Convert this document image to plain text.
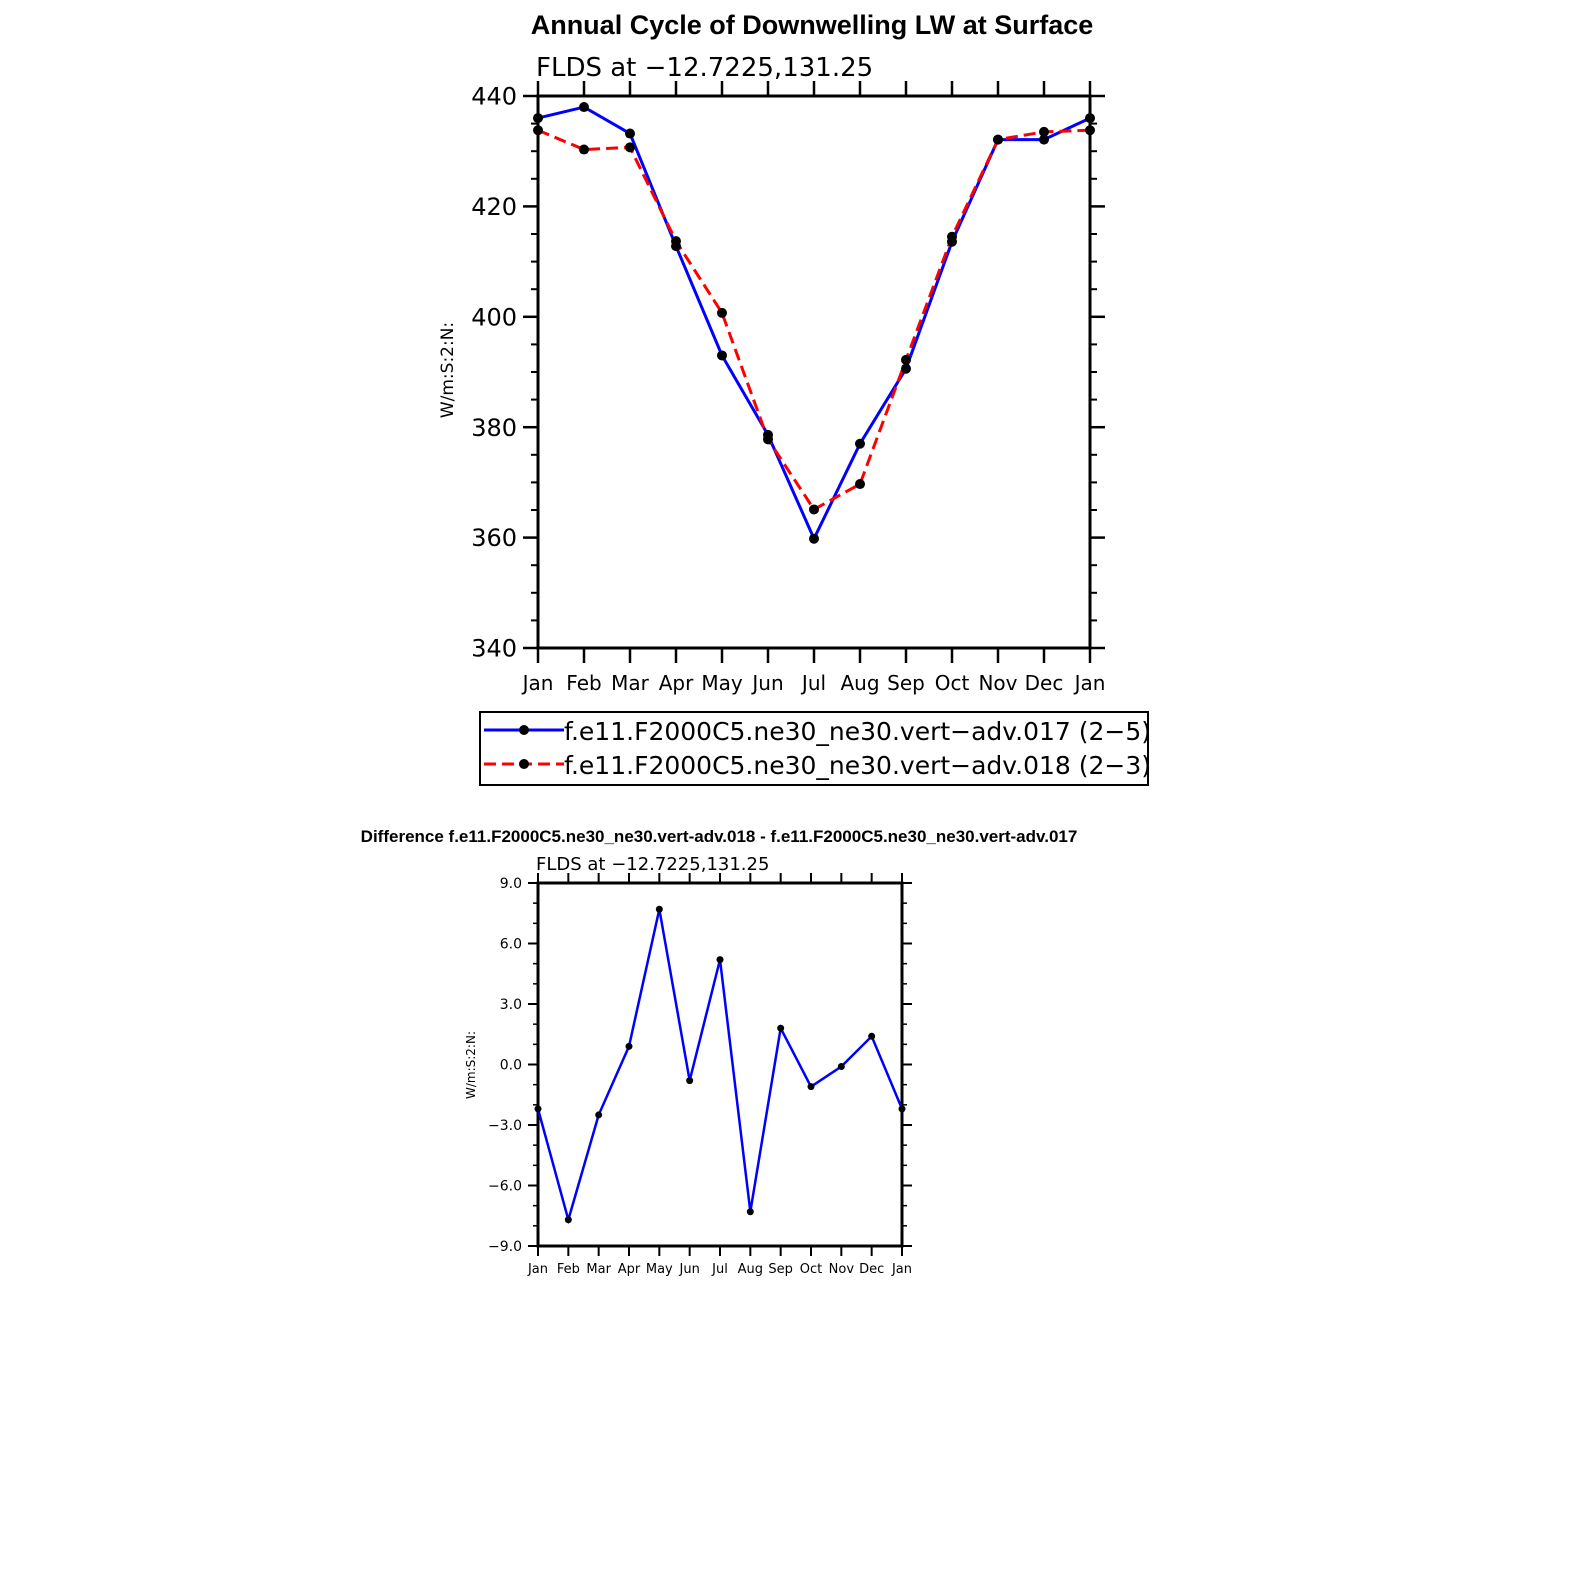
Annual Cycle of Downwelling LW at Surface
FLDS at −12.7225,131.25
W/m:S:2:N:
340
360
380
400
420
440
Jan Feb Mar Apr May Jun Jul Aug Sep Oct Nov Dec Jan
f.e11.F2000C5.ne30_ne30.vert−adv.017 (2−5)
f.e11.F2000C5.ne30_ne30.vert−adv.018 (2−3)
Difference f.e11.F2000C5.ne30_ne30.vert-adv.018 - f.e11.F2000C5.ne30_ne30.vert-adv.017
FLDS at −12.7225,131.25
W/m:S:2:N:
−9.0
−6.0
−3.0
0.0
3.0
6.0
9.0
Jan Feb Mar Apr May Jun Jul Aug Sep Oct Nov Dec Jan
